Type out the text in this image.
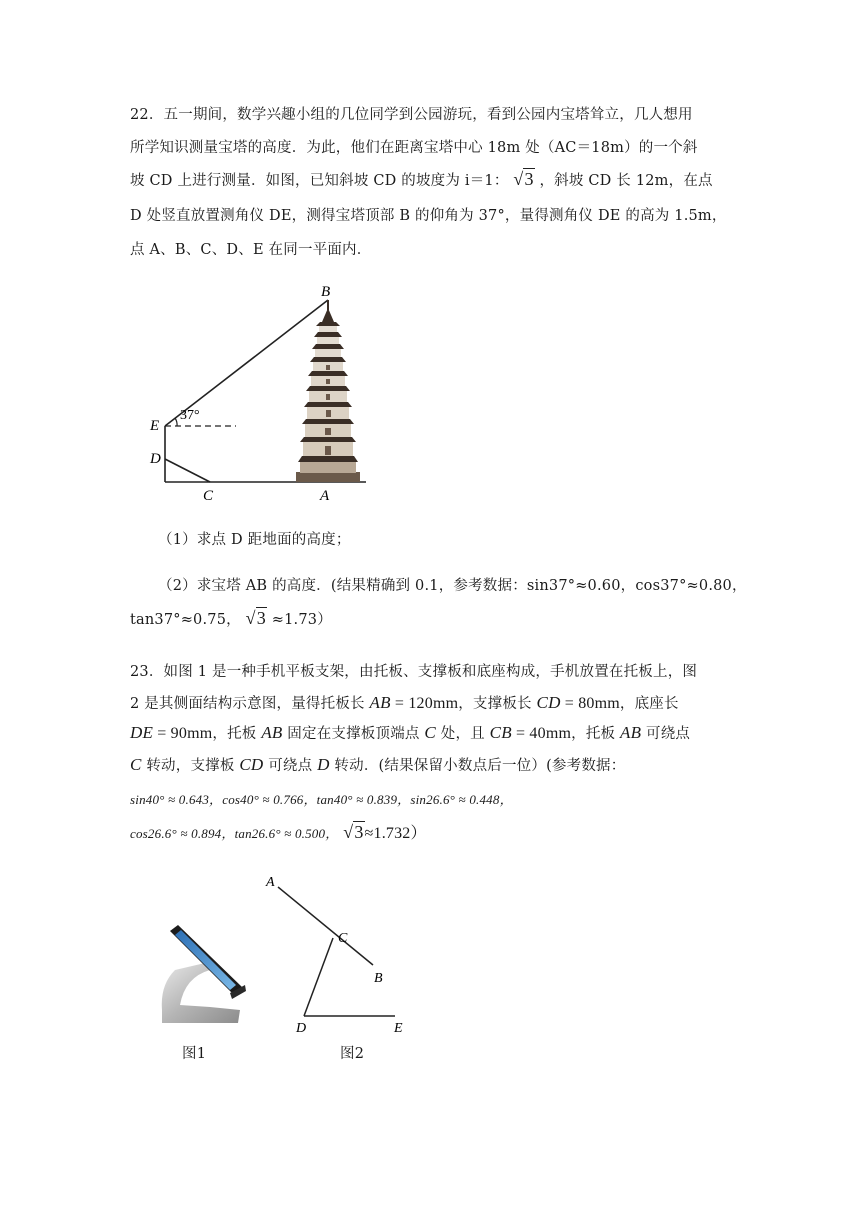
22．五一期间，数学兴趣小组的几位同学到公园游玩，看到公园内宝塔耸立，几人想用
所学知识测量宝塔的高度．为此，他们在距离宝塔中心 18m 处（AC＝18m）的一个斜
坡 CD 上进行测量．如图，已知斜坡 CD 的坡度为 i＝1： √3 ，斜坡 CD 长 12m，在点
D 处竖直放置测角仪 DE，测得宝塔顶部 B 的仰角为 37°，量得测角仪 DE 的高为 1.5m，
点 A、B、C、D、E 在同一平面内．
B
E
D
C	A
37°
（1）求点 D 距地面的高度；
（2）求宝塔 AB 的高度．(结果精确到 0.1，参考数据：sin37°≈0.60，cos37°≈0.80，
tan37°≈0.75， √3 ≈1.73）
23．如图 1 是一种手机平板支架，由托板、支撑板和底座构成，手机放置在托板上，图
2 是其侧面结构示意图，量得托板长 AB = 120mm，支撑板长 CD = 80mm，底座长
DE = 90mm，托板 AB 固定在支撑板顶端点 C 处，且 CB = 40mm，托板 AB 可绕点
C 转动，支撑板 CD 可绕点 D 转动．(结果保留小数点后一位）(参考数据：
sin40° ≈ 0.643，cos40° ≈ 0.766，tan40° ≈ 0.839，sin26.6° ≈ 0.448，
cos26.6° ≈ 0.894，tan26.6° ≈ 0.500， √3≈1.732）
图1
A
C
B
D	E
图2
